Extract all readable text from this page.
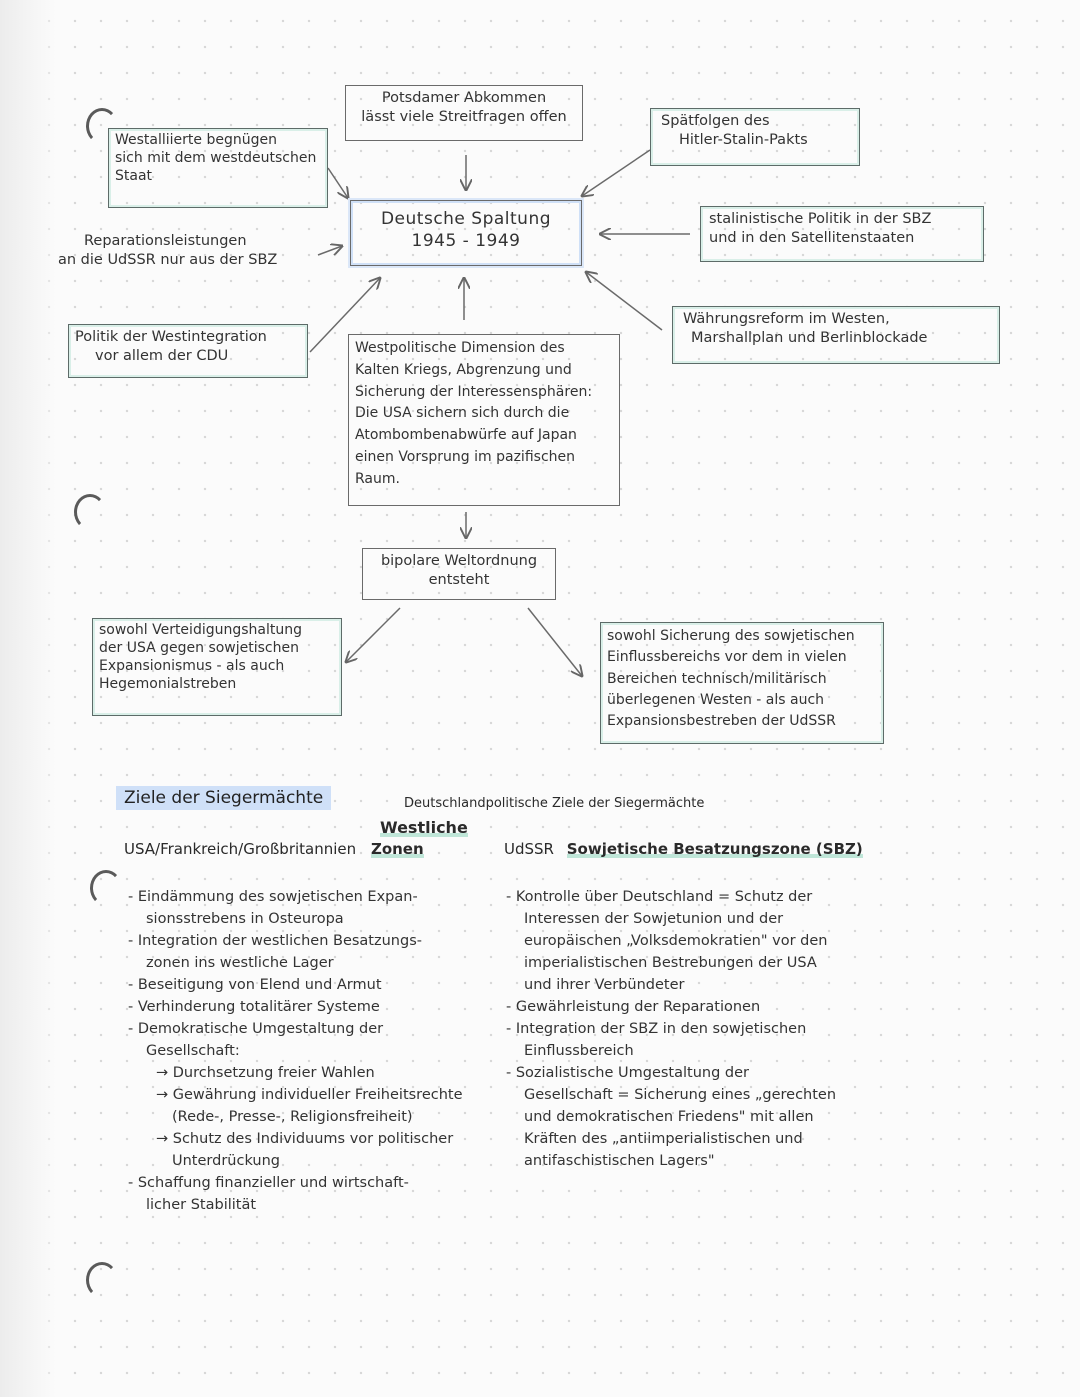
Potsdamer Abkommen
lässt viele Streitfragen offen	Spätfolgen des
Hitler-Stalin-Pakts
Westalliierte begnügen
sich mit dem westdeutschen
Staat
Deutsche Spaltung
1945 - 1949
stalinistische Politik in der SBZ
und in den Satellitenstaaten
Reparationsleistungen
an die UdSSR nur aus der SBZ
Währungsreform im Westen,
Marshallplan und Berlinblockade
Politik der Westintegration
vor allem der CDU	Westpolitische Dimension des
Kalten Kriegs, Abgrenzung und
Sicherung der Interessensphären:
Die USA sichern sich durch die
Atombombenabwürfe auf Japan
einen Vorsprung im pazifischen
Raum.
bipolare Weltordnung
entsteht
sowohl Verteidigungshaltung
der USA gegen sowjetischen
Expansionismus - als auch
Hegemonialstreben
sowohl Sicherung des sowjetischen
Einflussbereichs vor dem in vielen
Bereichen technisch/militärisch
überlegenen Westen - als auch
Expansionsbestreben der UdSSR
Ziele der Siegermächte	Deutschlandpolitische Ziele der Siegermächte
Westliche
USA/Frankreich/Großbritannien Zonen	UdSSR Sowjetische Besatzungszone (SBZ)
- Eindämmung des sowjetischen Expan-
sionsstrebens in Osteuropa
- Integration der westlichen Besatzungs-
zonen ins westliche Lager
- Beseitigung von Elend und Armut
- Verhinderung totalitärer Systeme
- Demokratische Umgestaltung der
Gesellschaft:
→ Durchsetzung freier Wahlen
→ Gewährung individueller Freiheitsrechte
(Rede-, Presse-, Religionsfreiheit)
→ Schutz des Individuums vor politischer
Unterdrückung
- Schaffung finanzieller und wirtschaft-
licher Stabilität
- Kontrolle über Deutschland = Schutz der
Interessen der Sowjetunion und der
europäischen „Volksdemokratien" vor den
imperialistischen Bestrebungen der USA
und ihrer Verbündeter
- Gewährleistung der Reparationen
- Integration der SBZ in den sowjetischen
Einflussbereich
- Sozialistische Umgestaltung der
Gesellschaft = Sicherung eines „gerechten
und demokratischen Friedens" mit allen
Kräften des „antiimperialistischen und
antifaschistischen Lagers"
